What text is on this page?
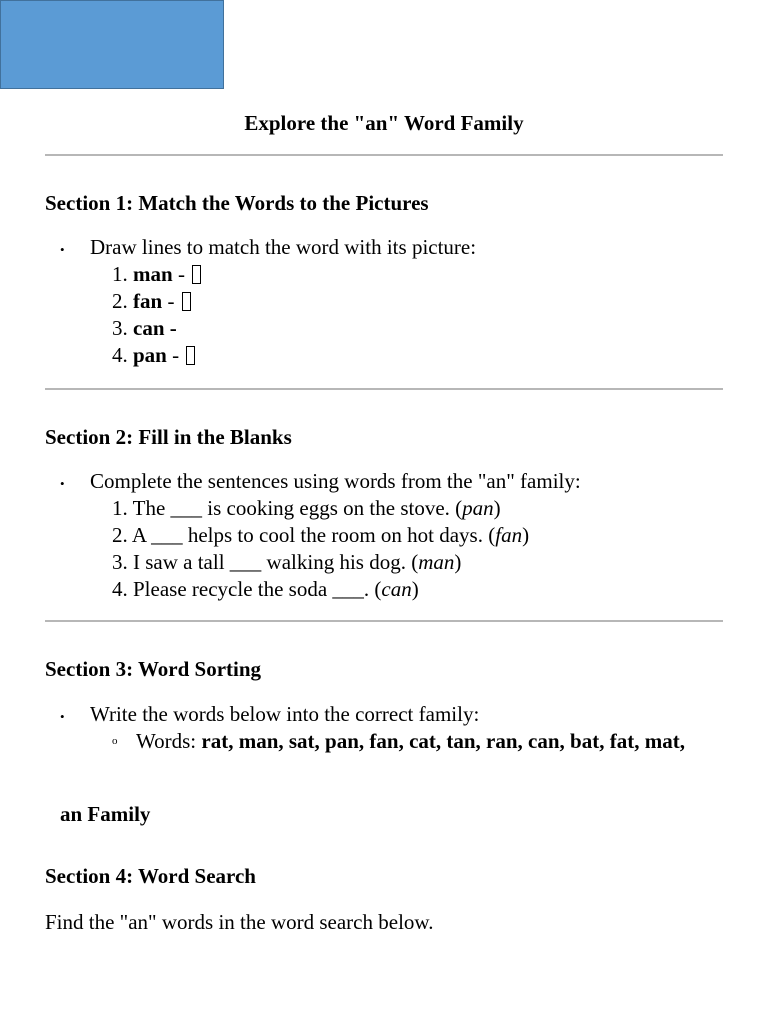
Explore the "an" Word Family
Section 1: Match the Words to the Pictures
• Draw lines to match the word with its picture:
1. man -
2. fan -
3. can -
4. pan -
Section 2: Fill in the Blanks
• Complete the sentences using words from the "an" family:
1. The ___ is cooking eggs on the stove. (pan)
2. A ___ helps to cool the room on hot days. (fan)
3. I saw a tall ___ walking his dog. (man)
4. Please recycle the soda ___. (can)
Section 3: Word Sorting
• Write the words below into the correct family:
o Words: rat, man, sat, pan, fan, cat, tan, ran, can, bat, fat, mat,
an Family
Section 4: Word Search
Find the "an" words in the word search below.
